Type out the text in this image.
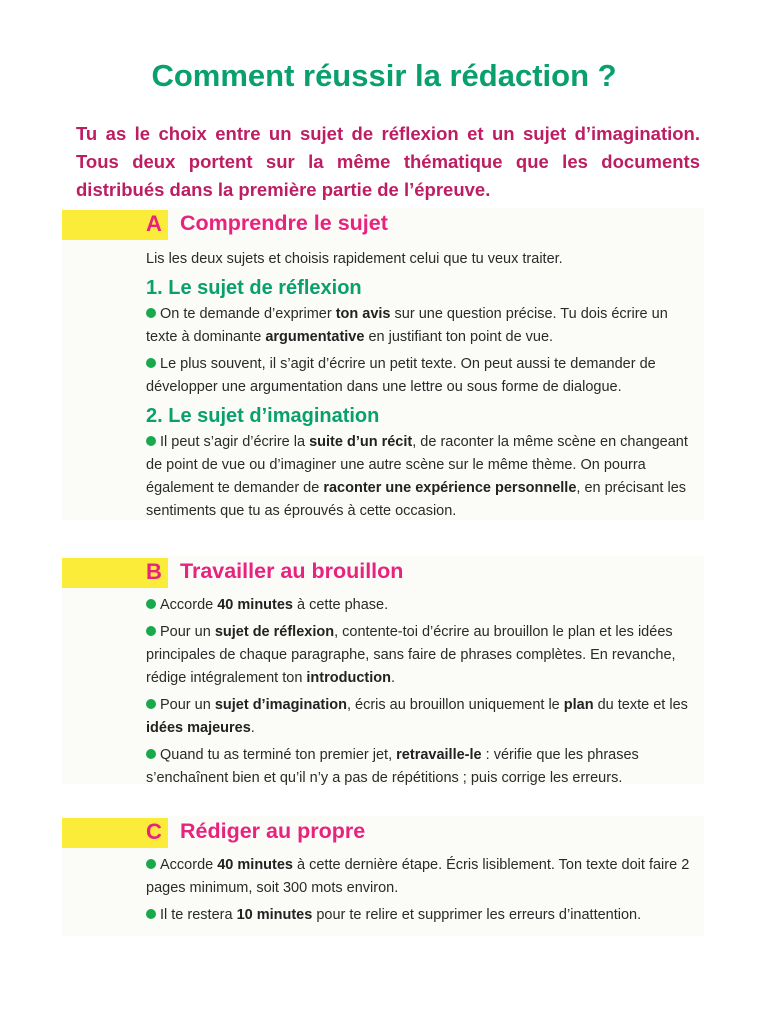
Comment réussir la rédaction ?

Tu as le choix entre un sujet de réflexion et un sujet d’imagination. Tous deux portent sur la même thématique que les documents distribués dans la première partie de l’épreuve.

A Comprendre le sujet

Lis les deux sujets et choisis rapidement celui que tu veux traiter.

1. Le sujet de réflexion

On te demande d’exprimer ton avis sur une question précise. Tu dois écrire un texte à dominante argumentative en justifiant ton point de vue.

Le plus souvent, il s’agit d’écrire un petit texte. On peut aussi te demander de développer une argumentation dans une lettre ou sous forme de dialogue.

2. Le sujet d’imagination

Il peut s’agir d’écrire la suite d’un récit, de raconter la même scène en changeant de point de vue ou d’imaginer une autre scène sur le même thème. On pourra également te demander de raconter une expérience personnelle, en précisant les sentiments que tu as éprouvés à cette occasion.

B Travailler au brouillon

Accorde 40 minutes à cette phase.

Pour un sujet de réflexion, contente-toi d’écrire au brouillon le plan et les idées principales de chaque paragraphe, sans faire de phrases complètes. En revanche, rédige intégralement ton introduction.

Pour un sujet d’imagination, écris au brouillon uniquement le plan du texte et les idées majeures.

Quand tu as terminé ton premier jet, retravaille-le : vérifie que les phrases s’enchaînent bien et qu’il n’y a pas de répétitions ; puis corrige les erreurs.

C Rédiger au propre

Accorde 40 minutes à cette dernière étape. Écris lisiblement. Ton texte doit faire 2 pages minimum, soit 300 mots environ.

Il te restera 10 minutes pour te relire et supprimer les erreurs d’inattention.
